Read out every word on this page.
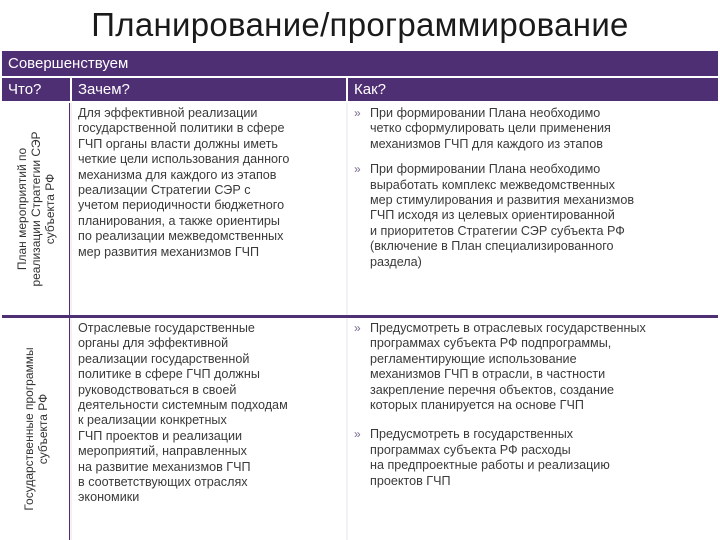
Планирование/программирование
Совершенствуем
Что?	Зачем?	Как?
План мероприятий по реализации Стратегии СЭР субъекта РФ
Для эффективной реализации
государственной политики в сфере
ГЧП органы власти должны иметь
четкие цели использования данного
механизма для каждого из этапов
реализации Стратегии СЭР с
учетом периодичности бюджетного
планирования, а также ориентиры
по реализации межведомственных
мер развития механизмов ГЧП
» При формировании Плана необходимо
четко сформулировать цели применения
механизмов ГЧП для каждого из этапов
» При формировании Плана необходимо
выработать комплекс межведомственных
мер стимулирования и развития механизмов
ГЧП исходя из целевых ориентированной
и приоритетов Стратегии СЭР субъекта РФ
(включение в План специализированного
раздела)
Государственные программы субъекта РФ
Отраслевые государственные
органы для эффективной
реализации государственной
политике в сфере ГЧП должны
руководствоваться в своей
деятельности системным подходам
к реализации конкретных
ГЧП проектов и реализации
мероприятий, направленных
на развитие механизмов ГЧП
в соответствующих отраслях
экономики
» Предусмотреть в отраслевых государственных
программах субъекта РФ подпрограммы,
регламентирующие использование
механизмов ГЧП в отрасли, в частности
закрепление перечня объектов, создание
которых планируется на основе ГЧП
» Предусмотреть в государственных
программах субъекта РФ расходы
на предпроектные работы и реализацию
проектов ГЧП
